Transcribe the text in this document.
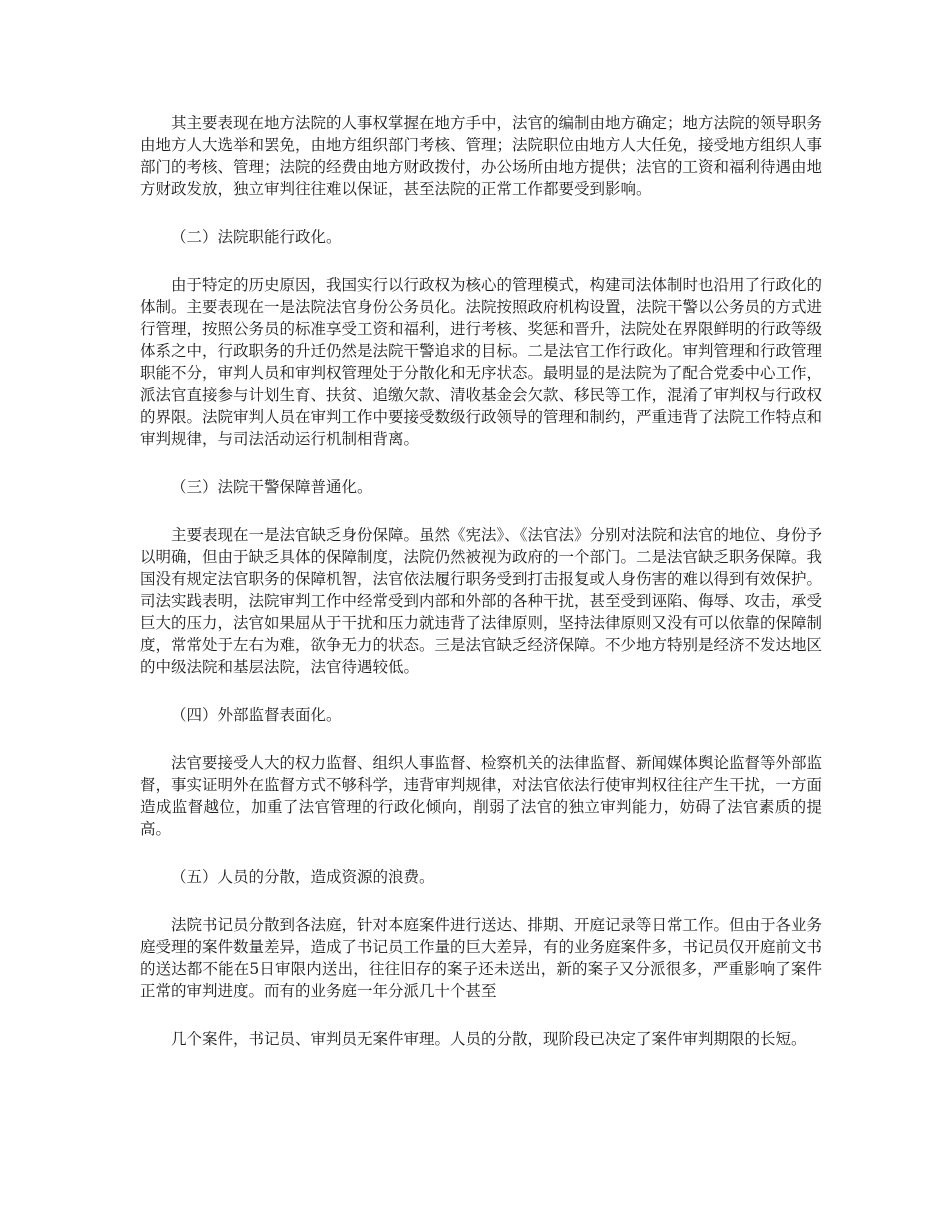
其主要表现在地方法院的人事权掌握在地方手中，法官的编制由地方确定；地方法院的领导职务由地方人大选举和罢免，由地方组织部门考核、管理；法院职位由地方人大任免，接受地方组织人事部门的考核、管理；法院的经费由地方财政拨付，办公场所由地方提供；法官的工资和福利待遇由地方财政发放，独立审判往往难以保证，甚至法院的正常工作都要受到影响。

（二）法院职能行政化。

由于特定的历史原因，我国实行以行政权为核心的管理模式，构建司法体制时也沿用了行政化的体制。主要表现在一是法院法官身份公务员化。法院按照政府机构设置，法院干警以公务员的方式进行管理，按照公务员的标准享受工资和福利，进行考核、奖惩和晋升，法院处在界限鲜明的行政等级体系之中，行政职务的升迁仍然是法院干警追求的目标。二是法官工作行政化。审判管理和行政管理职能不分，审判人员和审判权管理处于分散化和无序状态。最明显的是法院为了配合党委中心工作，派法官直接参与计划生育、扶贫、追缴欠款、清收基金会欠款、移民等工作，混淆了审判权与行政权的界限。法院审判人员在审判工作中要接受数级行政领导的管理和制约，严重违背了法院工作特点和审判规律，与司法活动运行机制相背离。

（三）法院干警保障普通化。

主要表现在一是法官缺乏身份保障。虽然《宪法》、《法官法》分别对法院和法官的地位、身份予以明确，但由于缺乏具体的保障制度，法院仍然被视为政府的一个部门。二是法官缺乏职务保障。我国没有规定法官职务的保障机智，法官依法履行职务受到打击报复或人身伤害的难以得到有效保护。司法实践表明，法院审判工作中经常受到内部和外部的各种干扰，甚至受到诬陷、侮辱、攻击，承受巨大的压力，法官如果屈从于干扰和压力就违背了法律原则，坚持法律原则又没有可以依靠的保障制度，常常处于左右为难，欲争无力的状态。三是法官缺乏经济保障。不少地方特别是经济不发达地区的中级法院和基层法院，法官待遇较低。

（四）外部监督表面化。

法官要接受人大的权力监督、组织人事监督、检察机关的法律监督、新闻媒体舆论监督等外部监督，事实证明外在监督方式不够科学，违背审判规律，对法官依法行使审判权往往产生干扰，一方面造成监督越位，加重了法官管理的行政化倾向，削弱了法官的独立审判能力，妨碍了法官素质的提高。

（五）人员的分散，造成资源的浪费。

法院书记员分散到各法庭，针对本庭案件进行送达、排期、开庭记录等日常工作。但由于各业务庭受理的案件数量差异，造成了书记员工作量的巨大差异，有的业务庭案件多，书记员仅开庭前文书的送达都不能在5日审限内送出，往往旧存的案子还未送出，新的案子又分派很多，严重影响了案件正常的审判进度。而有的业务庭一年分派几十个甚至

几个案件，书记员、审判员无案件审理。人员的分散，现阶段已决定了案件审判期限的长短。
